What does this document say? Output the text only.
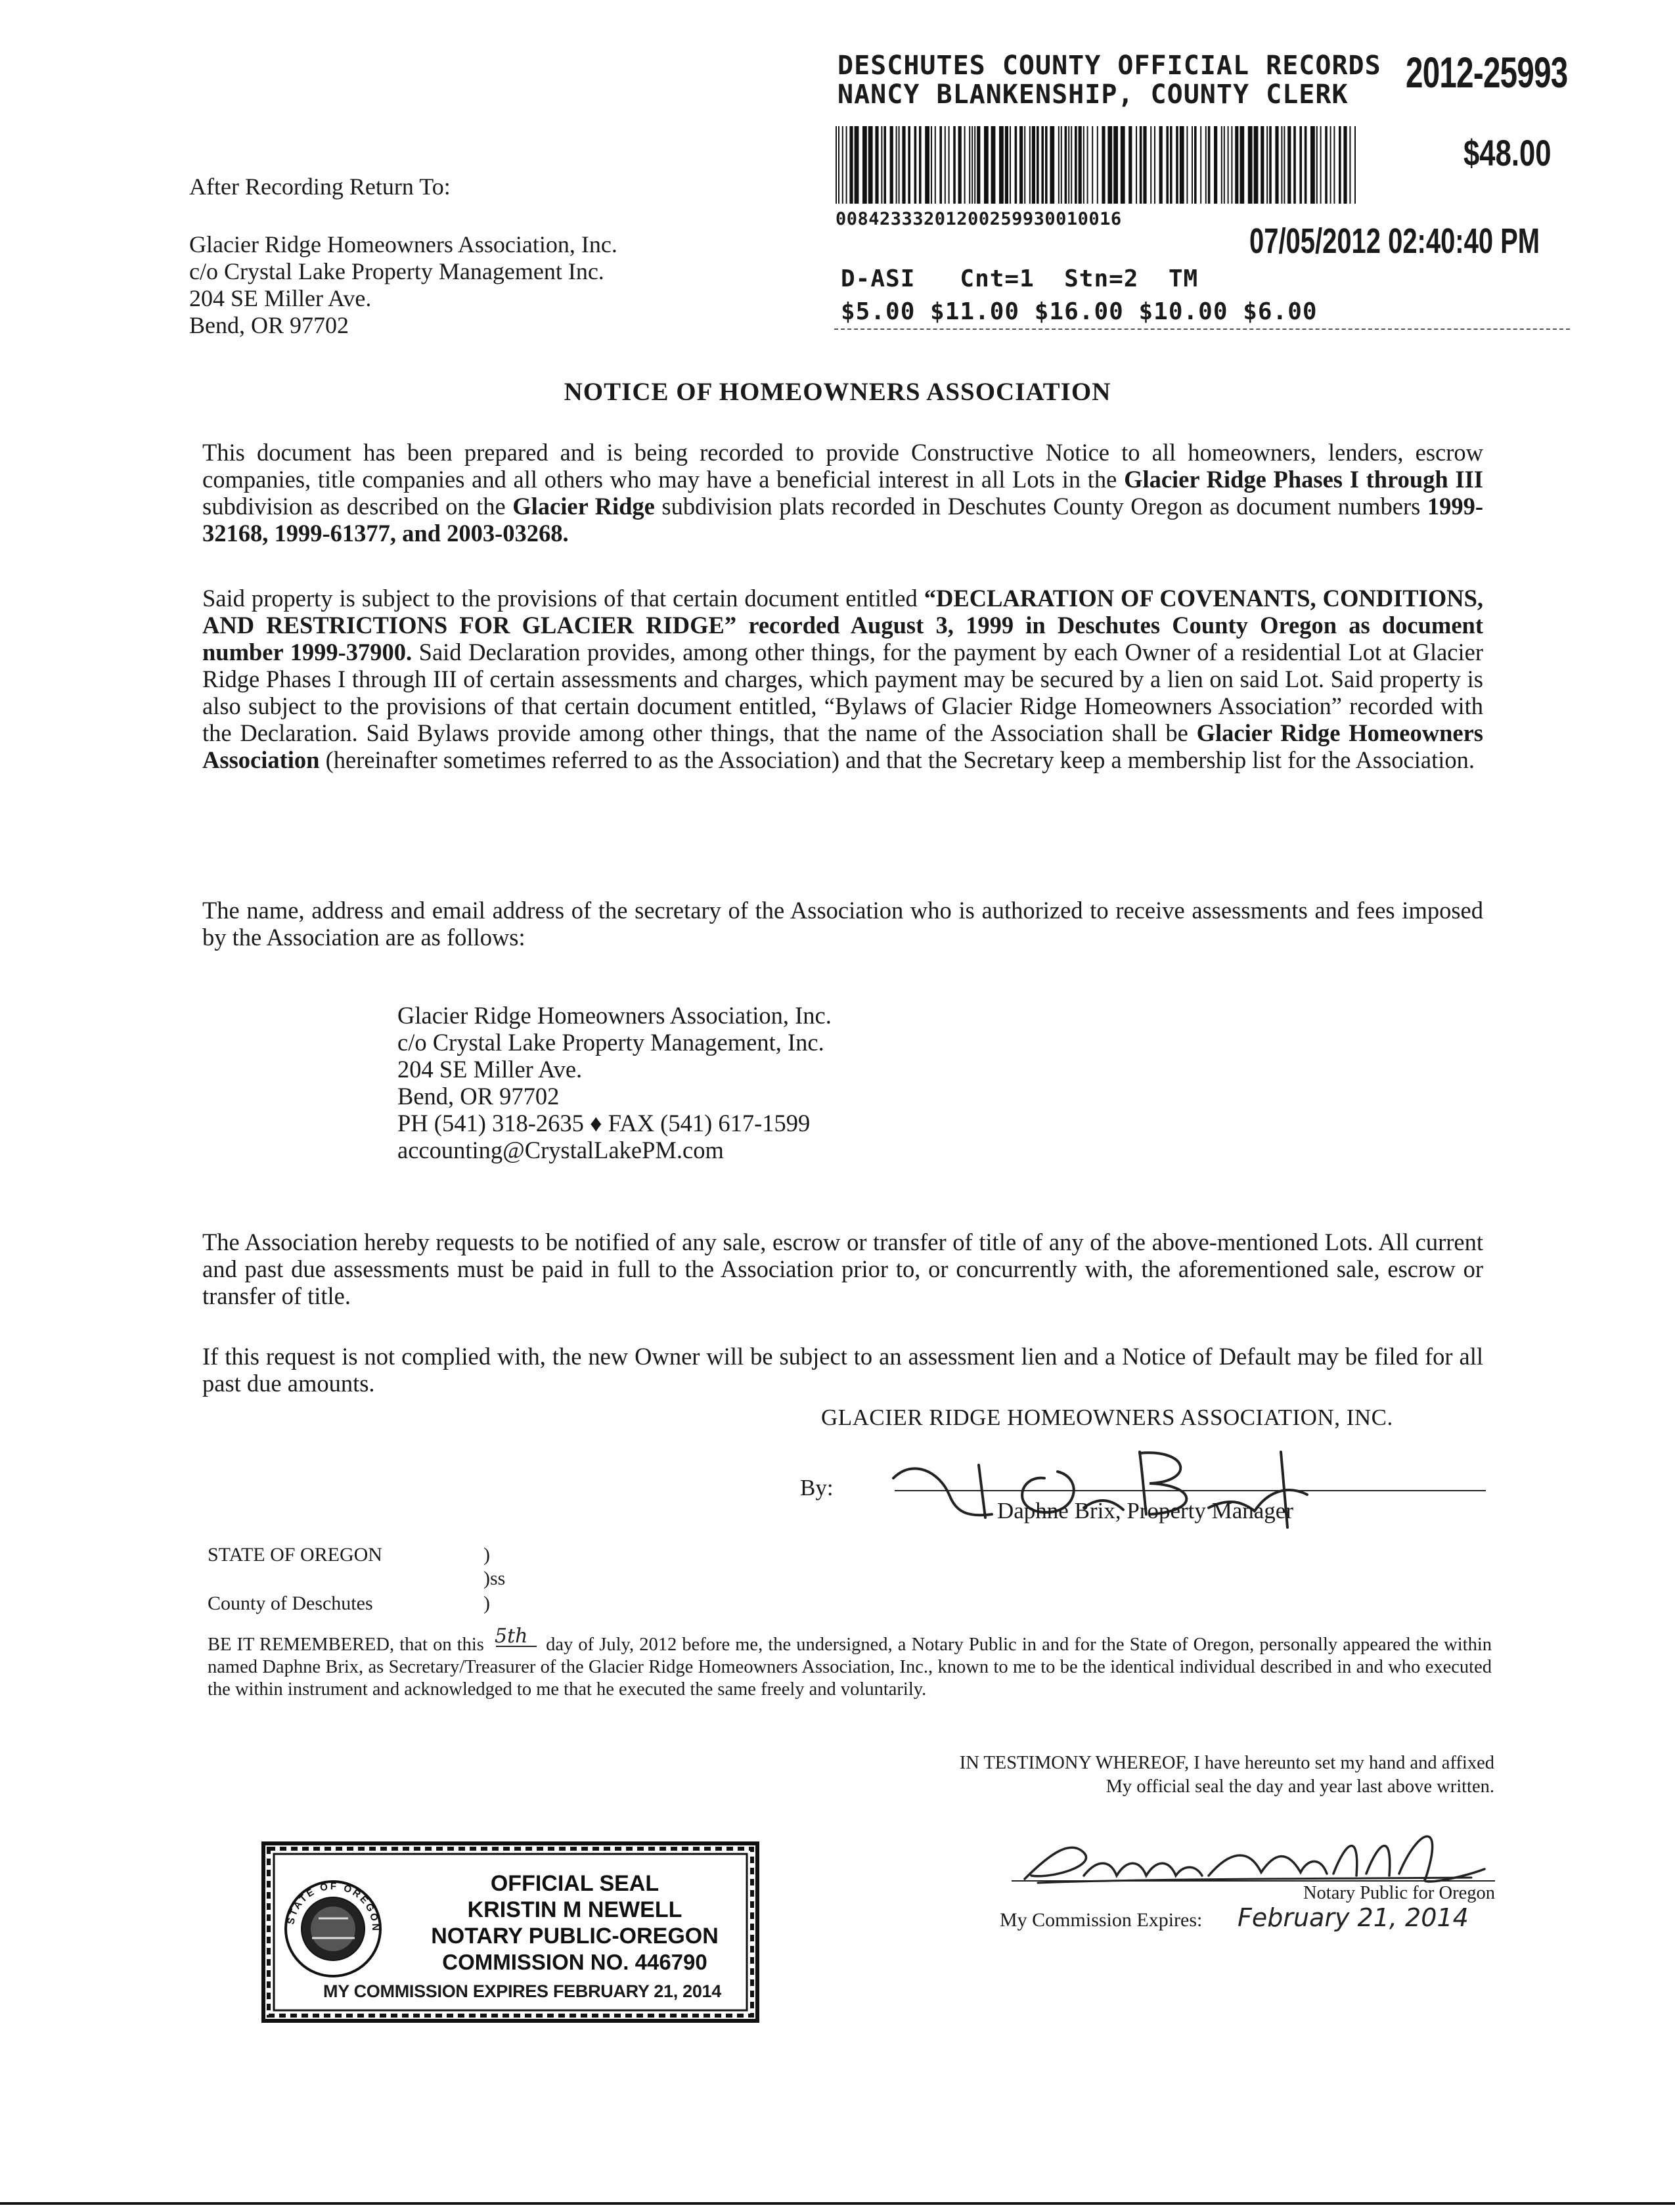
DESCHUTES COUNTY OFFICIAL RECORDS
NANCY BLANKENSHIP, COUNTY CLERK	2012-25993
$48.00
00842333201200259930010016
07/05/2012 02:40:40 PM
D-ASI   Cnt=1  Stn=2  TM
$5.00 $11.00 $16.00 $10.00 $6.00
After Recording Return To:
Glacier Ridge Homeowners Association, Inc.
c/o Crystal Lake Property Management Inc.
204 SE Miller Ave.
Bend, OR 97702
NOTICE OF HOMEOWNERS ASSOCIATION
This document has been prepared and is being recorded to provide Constructive Notice to all homeowners, lenders, escrow companies, title companies and all others who may have a beneficial interest in all Lots in the Glacier Ridge Phases I through III subdivision as described on the Glacier Ridge subdivision plats recorded in Deschutes County Oregon as document numbers 1999-32168, 1999-61377, and 2003-03268.
Said property is subject to the provisions of that certain document entitled “DECLARATION OF COVENANTS, CONDITIONS, AND RESTRICTIONS FOR GLACIER RIDGE” recorded August 3, 1999 in Deschutes County Oregon as document number 1999-37900. Said Declaration provides, among other things, for the payment by each Owner of a residential Lot at Glacier Ridge Phases I through III of certain assessments and charges, which payment may be secured by a lien on said Lot. Said property is also subject to the provisions of that certain document entitled, “Bylaws of Glacier Ridge Homeowners Association” recorded with the Declaration. Said Bylaws provide among other things, that the name of the Association shall be Glacier Ridge Homeowners Association (hereinafter sometimes referred to as the Association) and that the Secretary keep a membership list for the Association.
The name, address and email address of the secretary of the Association who is authorized to receive assessments and fees imposed by the Association are as follows:
Glacier Ridge Homeowners Association, Inc.
c/o Crystal Lake Property Management, Inc.
204 SE Miller Ave.
Bend, OR 97702
PH (541) 318-2635 ♦ FAX (541) 617-1599
accounting@CrystalLakePM.com
The Association hereby requests to be notified of any sale, escrow or transfer of title of any of the above-mentioned Lots. All current and past due assessments must be paid in full to the Association prior to, or concurrently with, the aforementioned sale, escrow or transfer of title.
If this request is not complied with, the new Owner will be subject to an assessment lien and a Notice of Default may be filed for all past due amounts.
GLACIER RIDGE HOMEOWNERS ASSOCIATION, INC.
By:
Daphne Brix, Property Manager
STATE OF OREGON	)
)ss
County of Deschutes	)
BE IT REMEMBERED, that on this 5th day of July, 2012 before me, the undersigned, a Notary Public in and for the State of Oregon, personally appeared the within named Daphne Brix, as Secretary/Treasurer of the Glacier Ridge Homeowners Association, Inc., known to me to be the identical individual described in and who executed the within instrument and acknowledged to me that he executed the same freely and voluntarily.
IN TESTIMONY WHEREOF, I have hereunto set my hand and affixed
My official seal the day and year last above written.
Notary Public for Oregon
My Commission Expires: February 21, 2014
STATE OF OREGON
OFFICIAL SEAL
KRISTIN M NEWELL
NOTARY PUBLIC-OREGON
COMMISSION NO. 446790
MY COMMISSION EXPIRES FEBRUARY 21, 2014
